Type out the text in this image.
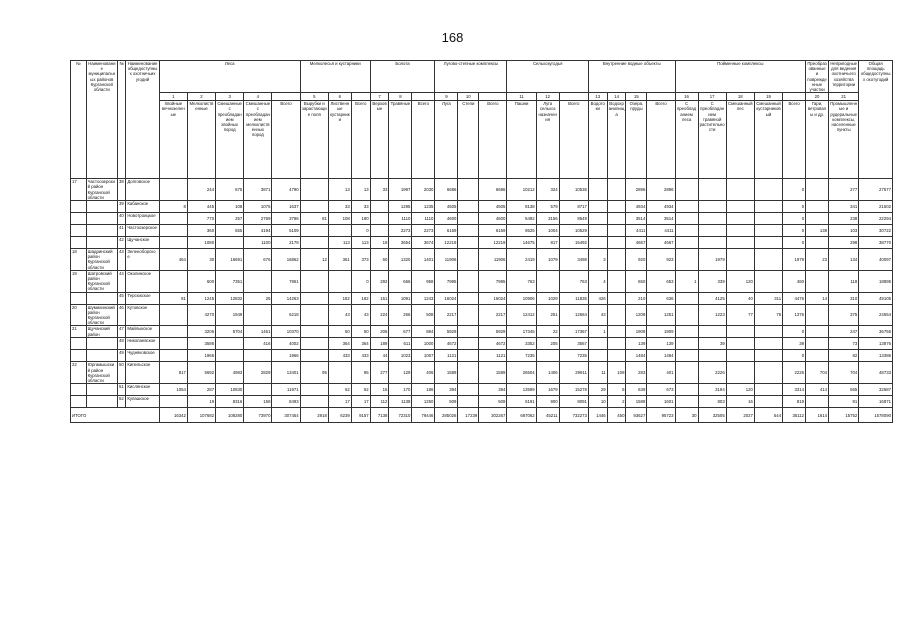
168
№	Наименование муниципальных районов Курганской области	№	Наименование общедоступных охотничьих угодий	Леса					Мелколесья и кустарники			Болота			Лугово-степные комплексы			Сельхозугодья			Внутренние водные объекты				Пойменные комплексы					Преобразованные и поврежденные участки	Непригодные для ведения охотничьего хозяйства территории	Общая площадь общедоступных охотугодий
				1	2	3	4		5	6		7	8		9	10		11	12		13	14	15		16	17	18	19		20	21	
				Хвойные вечнозеленые	Мелколиственные	Смешанные с преобладанием хвойных пород	Смешанные с преобладанием мелколиственных пород	Всего	Вырубки и зарастающие поля	Лиственные кустарники	Всего	Верховые	Травяные	Всего	Луга	Степи	Всего	Пашни	Луга сельхоз назначения	Всего	Водотоки	Водохранилища	Озера, пруды	Всего	С преобладанием леса	С преобладанием травяной растительности	Смешанный лес	Смешанный кустарниковый	Всего	Гари, ветровалы и др.	Промышленные и рудеральные комплексы, населенные пункты	
17	Частоозерский район Курганской области	38	Долговское		244	675	3871	4790		13	13	33	1997	2030	6686		6686	10212	324	10536			2896	2896					0		277	27577
		39	Кабанское	8	445	108	1075	1637		33	33		1295	1235	4505		4505	8138	579	8717			4934	4934					0		341	21502
		40	Новотроицкое		770	257	2769	3796	81	108	190		1110	1110	4600		4600	5492	3156	8649			3514	3514					0		238	22294
		41	Частоозерское		360	555	4194	5109			0		2273	2273	6159		6159	9525	1004	10529			4411	4411					0	138	103	30722
		42	Щучанское		1080		1100	2179		113	113	19	3654	3674	12219		12219	14675	817	15492			4667	4667					0		298	38770
18	Шадринский район Курганской области	43	Зеленоборское	464	30	16691	676	16862	12	361	373	60	1320	1401	11906		11906	2419	1079	3498	3		920	923		1979			1979	23	134	40097
19	Шатровский район Курганской области	44	Околинское		600	7351		7951			0	292	666	958	7995		7995	763		763	4		650	653	1	339	120		460		118	18895
		45	Терсюкское	81	1245	12832	25	14263		182	182	151	1091	1243	16024		16024	10906	1029	11835	426		210	636		4125	40	311	4476	14	310	49105
20	Шумихинский район Курганской области	46	Кутовское		4270	1949		6218		43	43	224	266	508	2217		2217	12412	251	12664	43		1208	1251		1223	77	76	1376		375	24654
21	Щучанский район	47	Майлыкское		3206	5704	1461	10370		50	50	206	677	884	5929		5929	17345	22	17367	1		1908	1909					0		247	36755
		48	Николаевское		3586		416	4002		364	364	189	611	1000	4672		4672	3352	205	3567			139	139		39			39		73	13876
		49	Чудняковское		1966			1966		433	433	44	1023	1067	1121		1121	7235		7235			1484	1484					0		82	13386
22	Юргамышский район Курганской области	50	Кипельское	817	5692	4983	2829	13401	95		95	277	129	406	1589		1589	26504	1406	29911	11	108	283	401		2226			2226	704	704	48733
		51	Кислянское	1054	287	10830		11971		62	62	16	170	186	394		394	13599	1679	15278	29	5	639	673		3194	120		3314	414	565	32687
		52	Кулашское		19	8316	158	8493		17	17	112	1138	1250	509		509	6191	900	8091	10	2	1588	1601		803	16		819		91	16871
ИТОГО				16342	107682	108280	73970	307454	2918	6239	9157	7138	72310	79446	285026	17239	302267	687062	45211	732273	1446	450	93627	95723	30	32505	2027	544	35112	1614	15752	1578090
